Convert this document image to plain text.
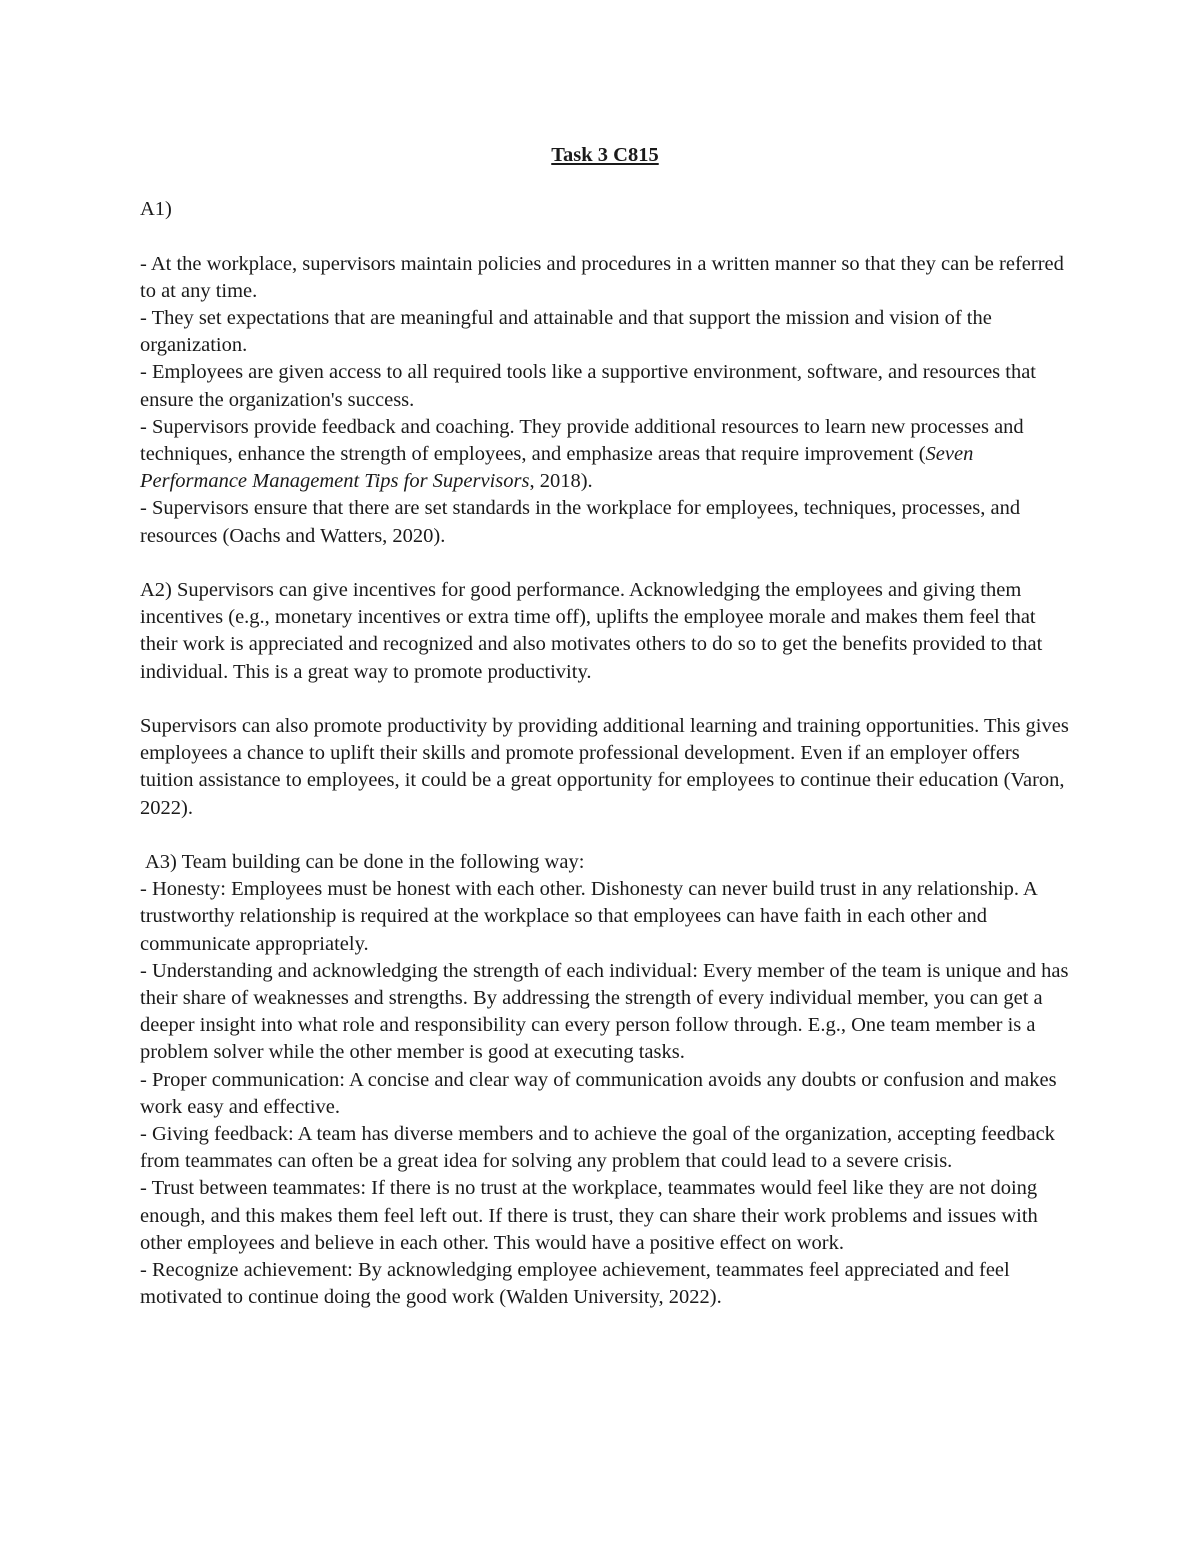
Task 3 C815

A1)

- At the workplace, supervisors maintain policies and procedures in a written manner so that they can be referred to at any time.

- They set expectations that are meaningful and attainable and that support the mission and vision of the organization.

- Employees are given access to all required tools like a supportive environment, software, and resources that ensure the organization's success.

- Supervisors provide feedback and coaching. They provide additional resources to learn new processes and techniques, enhance the strength of employees, and emphasize areas that require improvement (Seven Performance Management Tips for Supervisors, 2018).

- Supervisors ensure that there are set standards in the workplace for employees, techniques, processes, and resources (Oachs and Watters, 2020).

A2) Supervisors can give incentives for good performance. Acknowledging the employees and giving them incentives (e.g., monetary incentives or extra time off), uplifts the employee morale and makes them feel that their work is appreciated and recognized and also motivates others to do so to get the benefits provided to that individual. This is a great way to promote productivity.

Supervisors can also promote productivity by providing additional learning and training opportunities. This gives employees a chance to uplift their skills and promote professional development. Even if an employer offers tuition assistance to employees, it could be a great opportunity for employees to continue their education (Varon, 2022).

A3) Team building can be done in the following way:

- Honesty: Employees must be honest with each other. Dishonesty can never build trust in any relationship. A trustworthy relationship is required at the workplace so that employees can have faith in each other and communicate appropriately.

- Understanding and acknowledging the strength of each individual: Every member of the team is unique and has their share of weaknesses and strengths. By addressing the strength of every individual member, you can get a deeper insight into what role and responsibility can every person follow through. E.g., One team member is a problem solver while the other member is good at executing tasks.

- Proper communication: A concise and clear way of communication avoids any doubts or confusion and makes work easy and effective.

- Giving feedback: A team has diverse members and to achieve the goal of the organization, accepting feedback from teammates can often be a great idea for solving any problem that could lead to a severe crisis.

- Trust between teammates: If there is no trust at the workplace, teammates would feel like they are not doing enough, and this makes them feel left out. If there is trust, they can share their work problems and issues with other employees and believe in each other. This would have a positive effect on work.

- Recognize achievement: By acknowledging employee achievement, teammates feel appreciated and feel motivated to continue doing the good work (Walden University, 2022).
